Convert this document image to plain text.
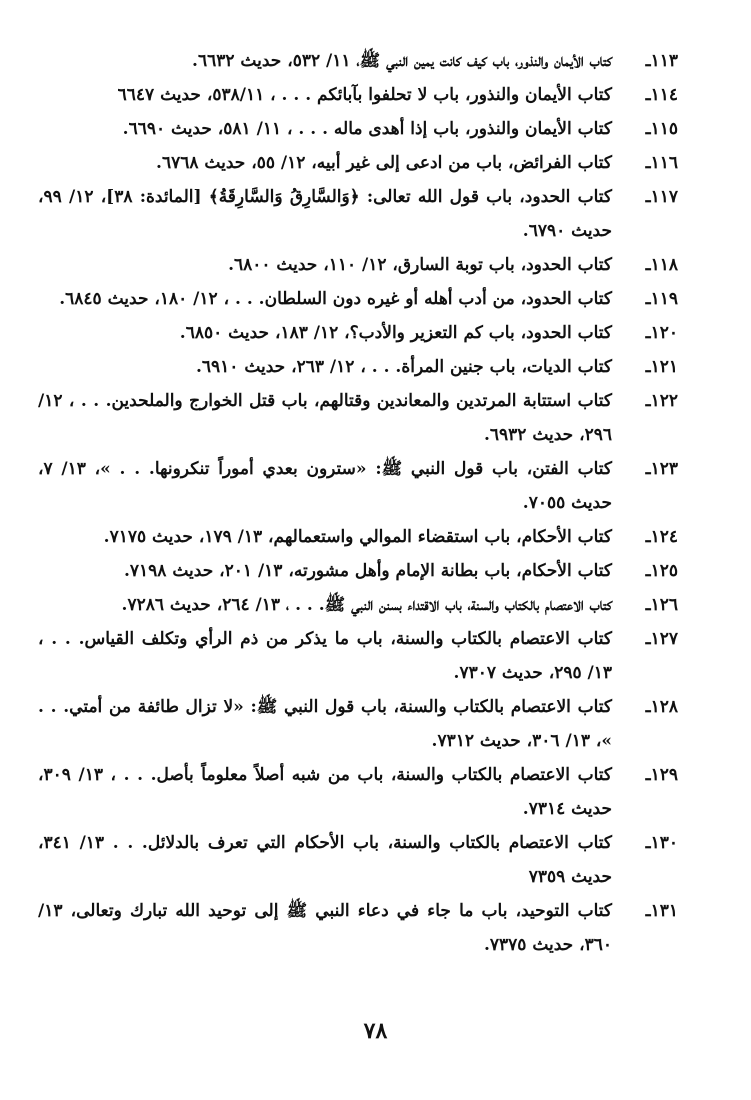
١١٣ـ
كتاب الأيمان والنذور، باب كيف كانت يمين النبي ﷺ، ١١/ ٥٣٢، حديث ٦٦٣٢.
١١٤ـ
كتاب الأيمان والنذور، باب لا تحلفوا بآبائكم . . . ، ٥٣٨/١١، حديث ٦٦٤٧
١١٥ـ
كتاب الأيمان والنذور، باب إذا أهدى ماله . . . ، ١١/ ٥٨١، حديث ٦٦٩٠.
١١٦ـ
كتاب الفرائض، باب من ادعى إلى غير أبيه، ١٢/ ٥٥، حديث ٦٧٦٨.
١١٧ـ
كتاب الحدود، باب قول الله تعالى: ﴿وَالسَّارِقُ وَالسَّارِقَةُ﴾ [المائدة: ٣٨]، ١٢/ ٩٩، حديث ٦٧٩٠.
١١٨ـ
كتاب الحدود، باب توبة السارق، ١٢/ ١١٠، حديث ٦٨٠٠.
١١٩ـ
كتاب الحدود، من أدب أهله أو غيره دون السلطان. . . ، ١٢/ ١٨٠، حديث ٦٨٤٥.
١٢٠ـ
كتاب الحدود، باب كم التعزير والأدب؟، ١٢/ ١٨٣، حديث ٦٨٥٠.
١٢١ـ
كتاب الديات، باب جنين المرأة. . . ، ١٢/ ٢٦٣، حديث ٦٩١٠.
١٢٢ـ
كتاب استتابة المرتدين والمعاندين وقتالهم، باب قتل الخوارج والملحدين. . . ، ١٢/ ٢٩٦، حديث ٦٩٣٢.
١٢٣ـ
كتاب الفتن، باب قول النبي ﷺ: «سترون بعدي أموراً تنكرونها. . . »، ١٣/ ٧، حديث ٧٠٥٥.
١٢٤ـ
كتاب الأحكام، باب استقضاء الموالي واستعمالهم، ١٣/ ١٧٩، حديث ٧١٧٥.
١٢٥ـ
كتاب الأحكام، باب بطانة الإمام وأهل مشورته، ١٣/ ٢٠١، حديث ٧١٩٨.
١٢٦ـ
كتاب الاعتصام بالكتاب والسنة، باب الاقتداء بسنن النبي ﷺ. . . ، ١٣/ ٢٦٤، حديث ٧٢٨٦.
١٢٧ـ
كتاب الاعتصام بالكتاب والسنة، باب ما يذكر من ذم الرأي وتكلف القياس. . . ، ١٣/ ٢٩٥، حديث ٧٣٠٧.
١٢٨ـ
كتاب الاعتصام بالكتاب والسنة، باب قول النبي ﷺ: «لا تزال طائفة من أمتي. . . »، ١٣/ ٣٠٦، حديث ٧٣١٢.
١٢٩ـ
كتاب الاعتصام بالكتاب والسنة، باب من شبه أصلاً معلوماً بأصل. . . ، ١٣/ ٣٠٩، حديث ٧٣١٤.
١٣٠ـ
كتاب الاعتصام بالكتاب والسنة، باب الأحكام التي تعرف بالدلائل. . . ١٣/ ٣٤١، حديث ٧٣٥٩
١٣١ـ
كتاب التوحيد، باب ما جاء في دعاء النبي ﷺ إلى توحيد الله تبارك وتعالى، ١٣/ ٣٦٠، حديث ٧٣٧٥.
٧٨
